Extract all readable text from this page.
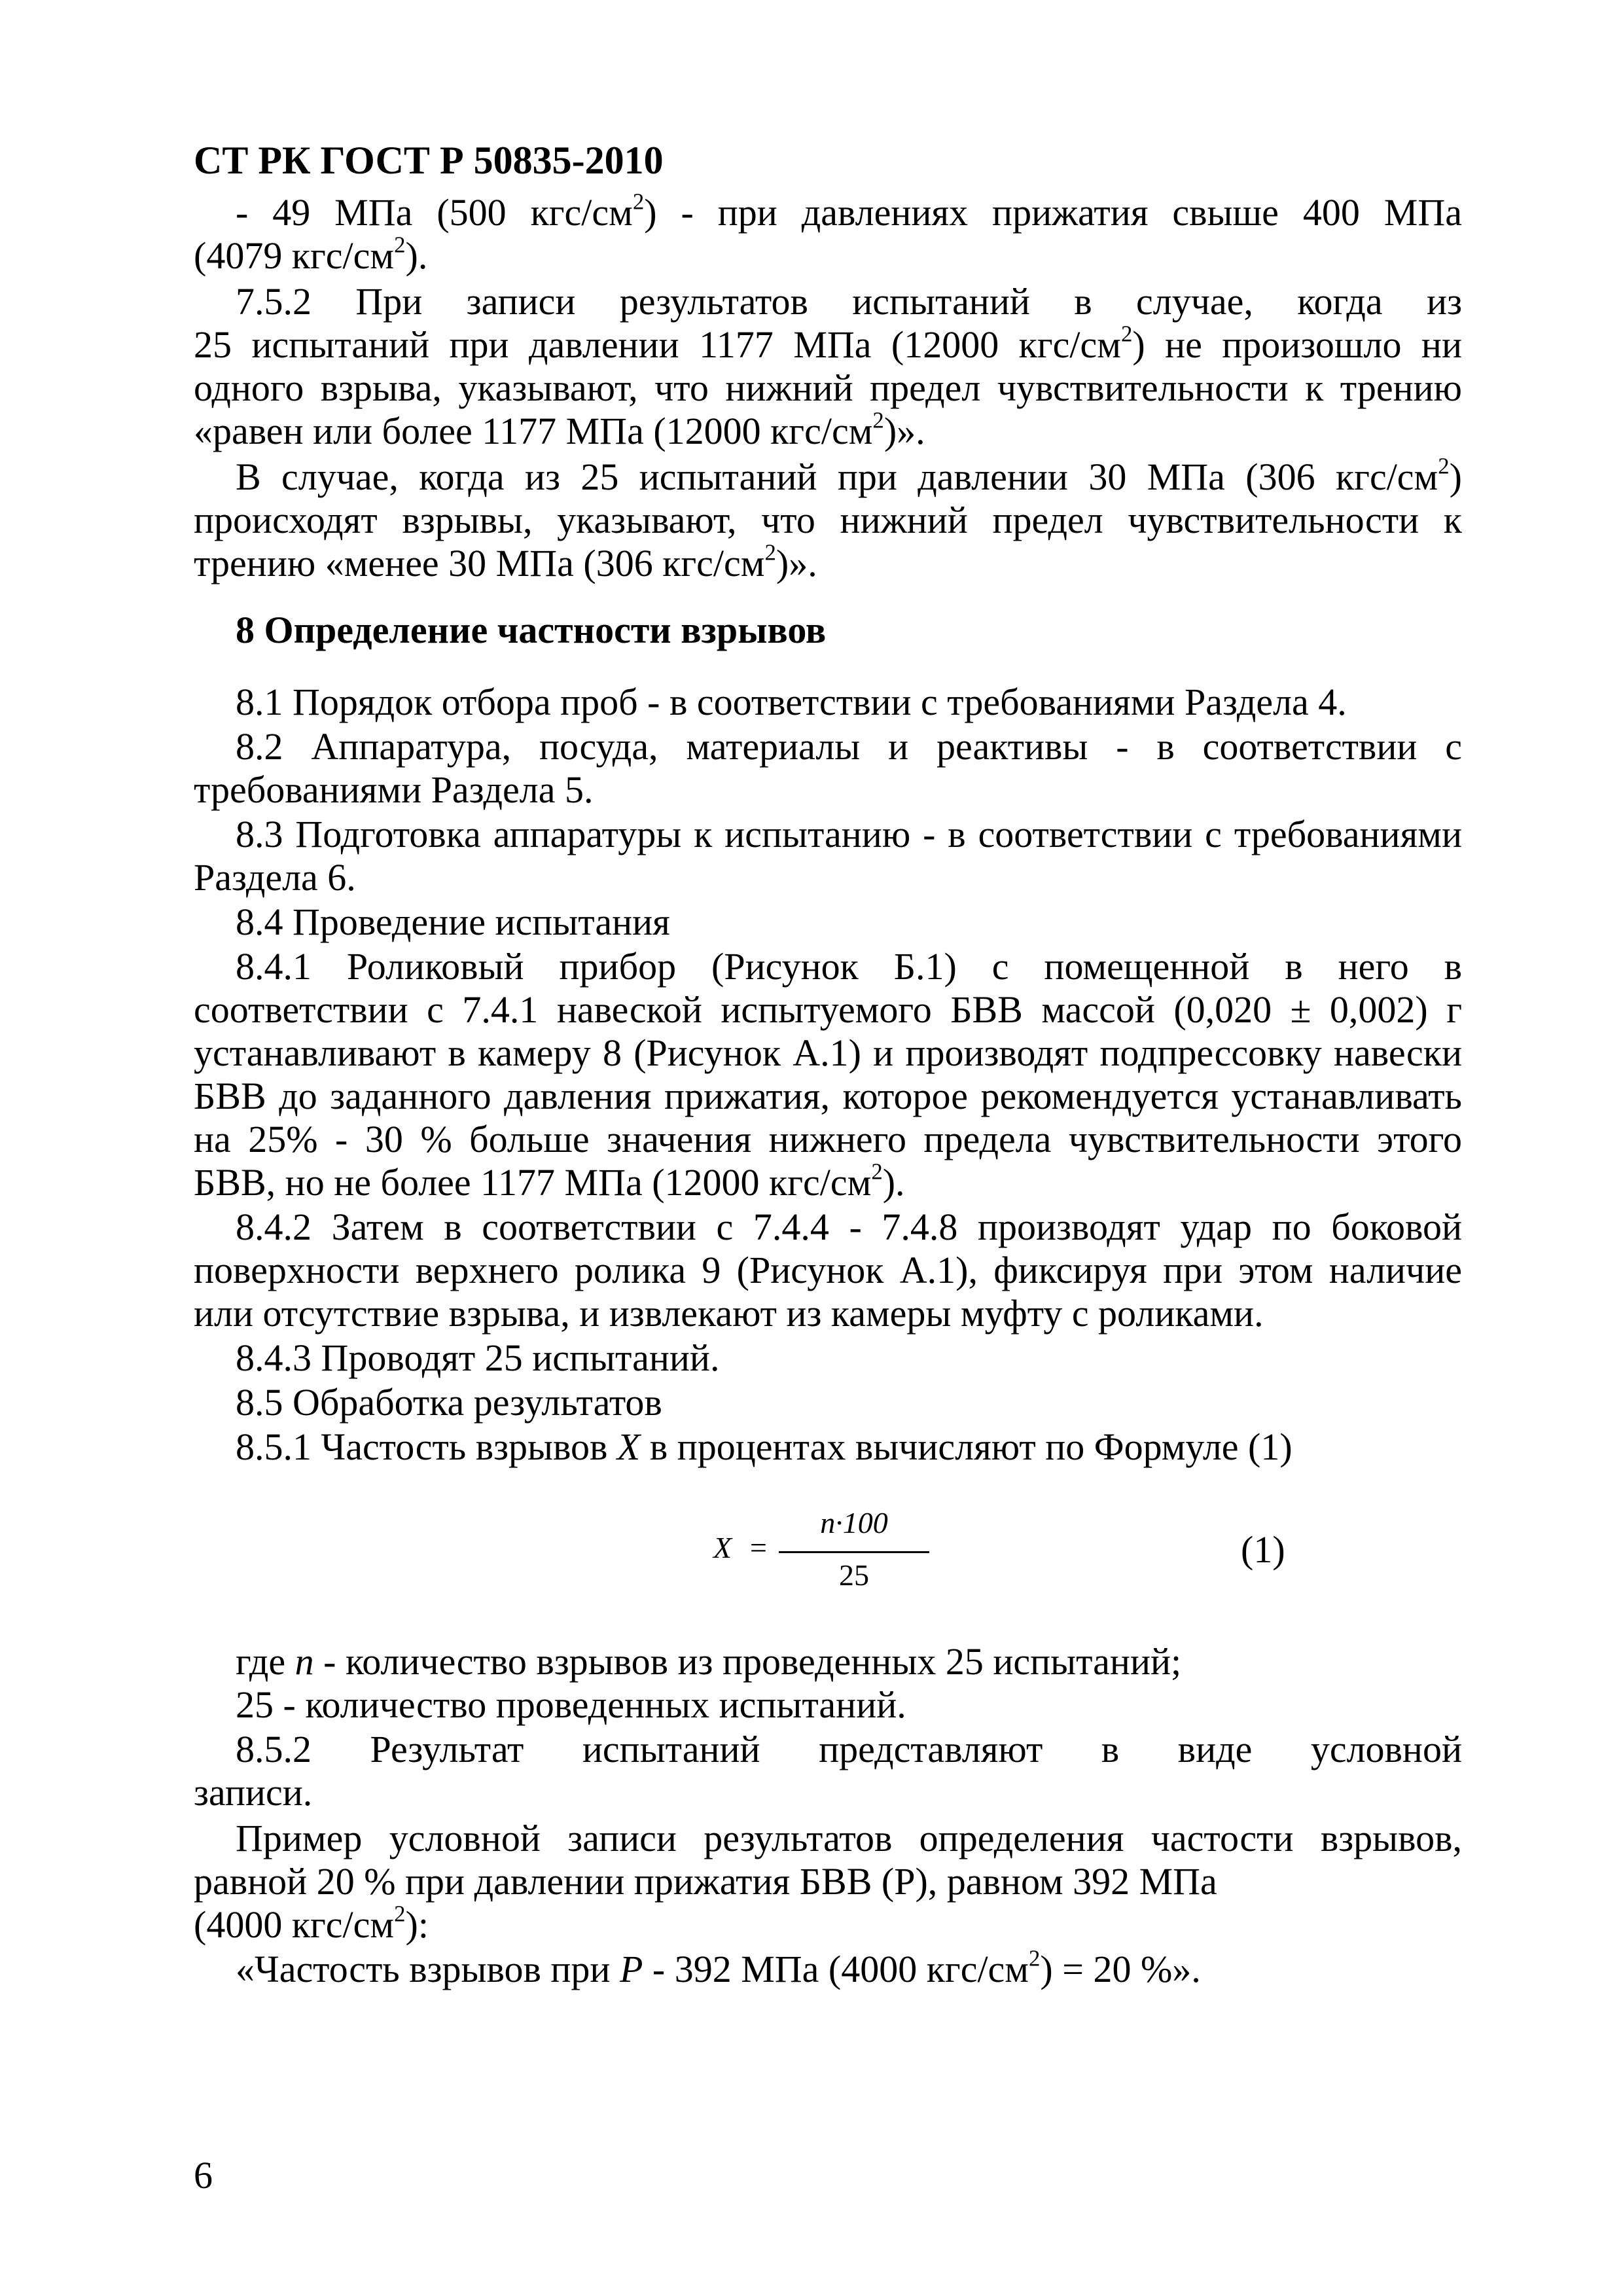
СТ РК ГОСТ Р 50835-2010
- 49 МПа (500 кгс/$см^2$) - при давлениях прижатия свыше 400 МПа
(4079 кгс/$см^2$).
7.5.2 При записи результатов испытаний в случае, когда из
25 испытаний при давлении 1177 МПа (12000 кгс/$см^2$) не произошло ни
одного взрыва, указывают, что нижний предел чувствительности к трению
«равен или более 1177 МПа (12000 кгс/$см^2$)».
В случае, когда из 25 испытаний при давлении 30 МПа (306 кгс/$см^2$)
происходят взрывы, указывают, что нижний предел чувствительности к
трению «менее 30 МПа (306 кгс/$см^2$)».
8 Определение частности взрывов
8.1 Порядок отбора проб - в соответствии с требованиями Раздела 4.
8.2 Аппаратура, посуда, материалы и реактивы - в соответствии с
требованиями Раздела 5.
8.3 Подготовка аппаратуры к испытанию - в соответствии с требованиями
Раздела 6.
8.4 Проведение испытания
8.4.1 Роликовый прибор (Рисунок Б.1) с помещенной в него в
соответствии с 7.4.1 навеской испытуемого БВВ массой (0,020 ± 0,002) г
устанавливают в камеру 8 (Рисунок А.1) и производят подпрессовку навески
БВВ до заданного давления прижатия, которое рекомендуется устанавливать
на 25% - 30 % больше значения нижнего предела чувствительности этого
БВВ, но не более 1177 МПа (12000 кгс/$см^2$).
8.4.2 Затем в соответствии с 7.4.4 - 7.4.8 производят удар по боковой
поверхности верхнего ролика 9 (Рисунок А.1), фиксируя при этом наличие
или отсутствие взрыва, и извлекают из камеры муфту с роликами.
8.4.3 Проводят 25 испытаний.
8.5 Обработка результатов
8.5.1 Частость взрывов X в процентах вычисляют по Формуле (1)
X =
n·100
25
(1)
где n - количество взрывов из проведенных 25 испытаний;
25 - количество проведенных испытаний.
8.5.2 Результат испытаний представляют в виде условной
записи.
Пример условной записи результатов определения частости взрывов,
равной 20 % при давлении прижатия БВВ (Р), равном 392 МПа
(4000 кгс/$см^2$):
«Частость взрывов при Р - 392 МПа (4000 кгс/$см^2) = 20$ %».
6
